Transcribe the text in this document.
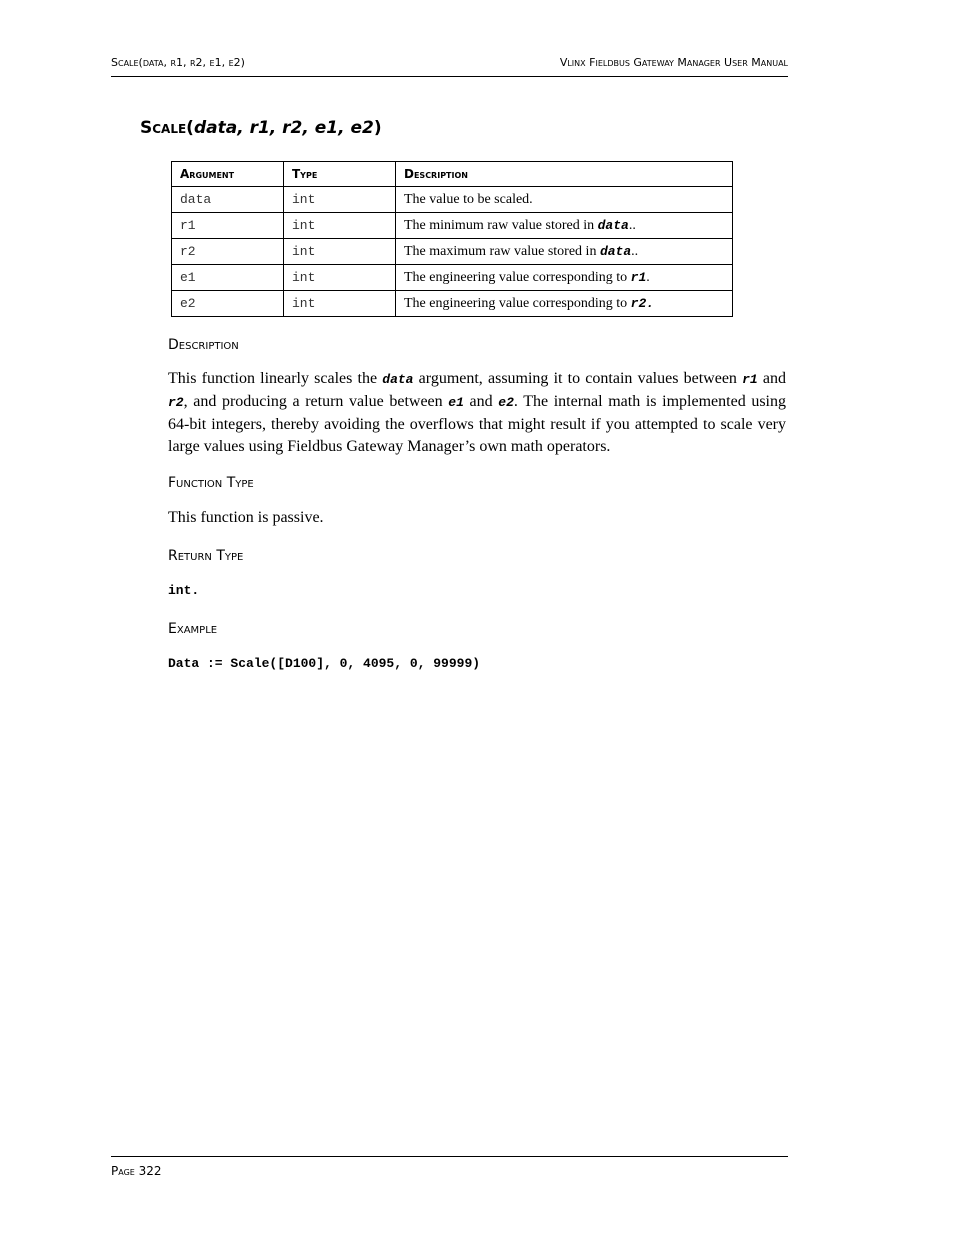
Scale(data, r1, r2, e1, e2)	Vlinx Fieldbus Gateway Manager User Manual
Scale(data, r1, r2, e1, e2)
Argument	Type	Description
data	int	The value to be scaled.
r1	int	The minimum raw value stored in data..
r2	int	The maximum raw value stored in data..
e1	int	The engineering value corresponding to r1.
e2	int	The engineering value corresponding to r2.
Description
This function linearly scales the data argument, assuming it to contain values between r1 and r2, and producing a return value between e1 and e2. The internal math is implemented using 64-bit integers, thereby avoiding the overflows that might result if you attempted to scale very large values using Fieldbus Gateway Manager’s own math operators.
Function Type
This function is passive.
Return Type
int.
Example
Data := Scale([D100], 0, 4095, 0, 99999)
Page 322
